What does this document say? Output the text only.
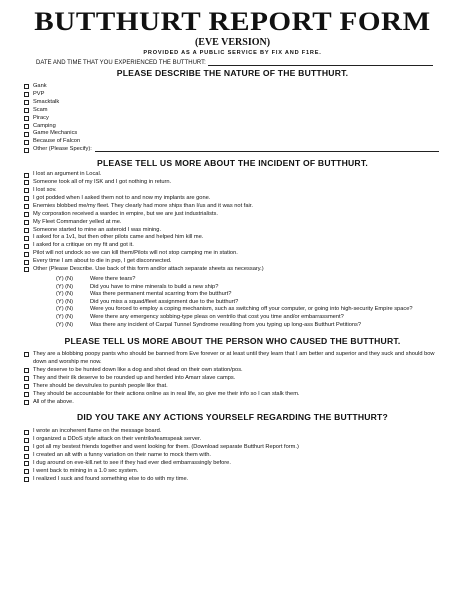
BUTTHURT REPORT FORM
(EVE VERSION)
PROVIDED AS A PUBLIC SERVICE BY FIX AND F1RE.
DATE AND TIME THAT YOU EXPERIENCED THE BUTTHURT:
PLEASE DESCRIBE THE NATURE OF THE BUTTHURT.
Gank
PVP
Smacktalk
Scam
Piracy
Camping
Game Mechanics
Because of Falcon
Other (Please Specify):
PLEASE TELL US MORE ABOUT THE INCIDENT OF BUTTHURT.
I lost an argument in Local.
Someone took all of my ISK and I got nothing in return.
I lost sov.
I got podded when I asked them not to and now my implants are gone.
Enemies blobbed me/my fleet. They clearly had more ships than I/us and it was not fair.
My corporation received a wardec in empire, but we are just industrialists.
My Fleet Commander yelled at me.
Someone started to mine an asteroid I was mining.
I asked for a 1v1, but then other pilots came and helped him kill me.
I asked for a critique on my fit and got it.
Pilot will not undock so we can kill them/Pilots will not stop camping me in station.
Every time I am about to die in pvp, I get disconnected.
Other (Please Describe. Use back of this form and/or attach separate sheets as necessary.)
(Y) (N)	Were there tears?
(Y) (N)	Did you have to mine minerals to build a new ship?
(Y) (N)	Was there permanent mental scarring from the butthurt?
(Y) (N)	Did you miss a squad/fleet assignment due to the butthurt?
(Y) (N)	Were you forced to employ a coping mechanism, such as switching off your computer, or going into high-security Empire space?
(Y) (N)	Were there any emergency sobbing-type pleas on ventrilo that cost you time and/or embarrassment?
(Y) (N)	Was there any incident of Carpal Tunnel Syndrome resulting from you typing up long-ass Butthurt Petitions?
PLEASE TELL US MORE ABOUT THE PERSON WHO CAUSED THE BUTTHURT.
They are a blobbing poopy pants who should be banned from Eve forever or at least until they learn that I am better and superior and they suck and should bow down and worship me now.
They deserve to be hunted down like a dog and shot dead on their own station/pos.
They and their ilk deserve to be rounded up and herded into Amarr slave camps.
There should be devs/rules to punish people like that.
They should be accountable for their actions online as in real life, so give me their info so I can stalk them.
All of the above.
DID YOU TAKE ANY ACTIONS YOURSELF REGARDING THE BUTTHURT?
I wrote an incoherent flame on the message board.
I organized a DDoS style attack on their ventrilo/teamspeak server.
I got all my bestest friends together and went looking for them. (Download separate Butthurt Report form.)
I created an alt with a funny variation on their name to mock them with.
I dug around on eve-kill.net to see if they had ever died embarrassingly before.
I went back to mining in a 1.0 sec system.
I realized I suck and found something else to do with my time.
